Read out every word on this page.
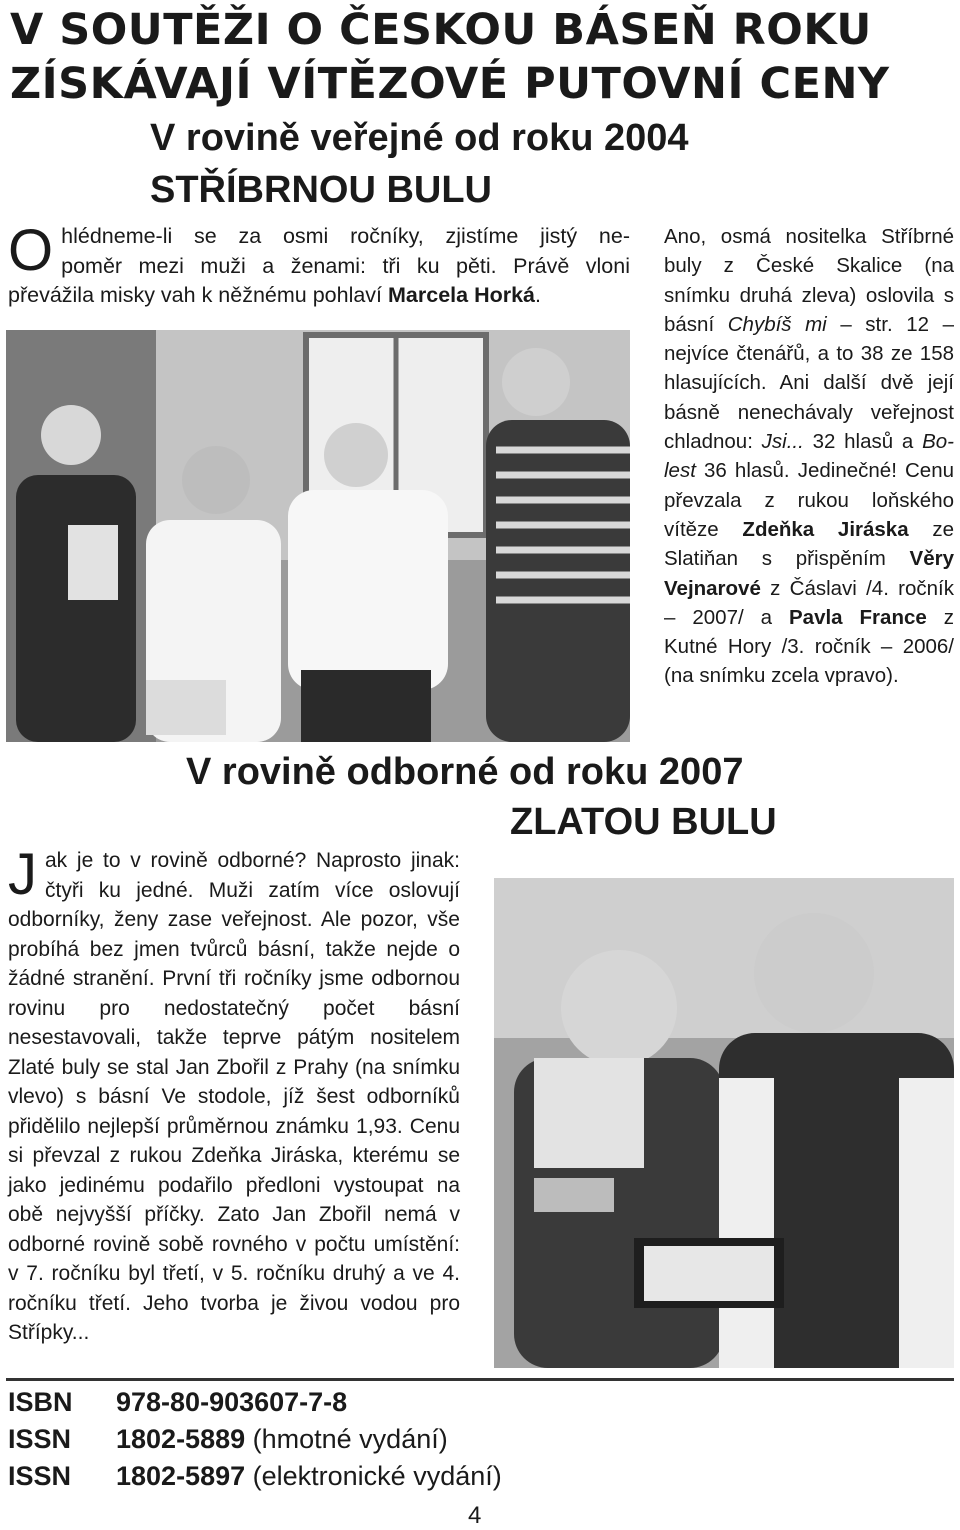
V SOUTĚŽI O ČESKOU BÁSEŇ ROKU
ZÍSKÁVAJÍ VÍTĚZOVÉ PUTOVNÍ CENY
V rovině veřejné od roku 2004
STŘÍBRNOU BULU
O hlédneme-li se za osmi ročníky, zjistíme jistý ne-
poměr mezi muži a ženami: tři ku pěti. Právě vloni
převážila misky vah k něžnému pohlaví Marcela Horká.
Ano, osmá nositelka Stříbrné buly z České Skalice (na snímku druhá zleva) oslovila s básní Chybíš mi – str. 12 – nejvíce čtenářů, a to 38 ze 158 hlasujících. Ani další dvě její básně nenechávaly veřejnost chladnou: Jsi... 32 hlasů a Bolest 36 hlasů. Jedinečné! Cenu převzala z rukou loňského vítěze Zdeňka Jiráska ze Slatiňan s přispěním Věry Vejnarové z Čáslavi /4. ročník – 2007/ a Pavla France z Kutné Hory /3. ročník – 2006/ (na snímku zcela vpravo).
V rovině odborné od roku 2007
ZLATOU BULU
Jak je to v rovině odborné? Naprosto jinak: čtyři ku jedné. Muži zatím více oslovují odborníky, ženy zase veřejnost. Ale pozor, vše probíhá bez jmen tvůrců básní, takže nejde o žádné stranění. První tři ročníky jsme odbornou rovinu pro nedostatečný počet básní nesestavovali, takže teprve pátým nositelem Zlaté buly se stal Jan Zbořil z Prahy (na snímku vlevo) s básní Ve stodole, jíž šest odborníků přidělilo nejlepší průměrnou známku 1,93. Cenu si převzal z rukou Zdeňka Jiráska, kterému se jako jedinému podařilo předloni vystoupat na obě nejvyšší příčky. Zato Jan Zbořil nemá v odborné rovině sobě rovného v počtu umístění: v 7. ročníku byl třetí, v 5. ročníku druhý a ve 4. ročníku třetí. Jeho tvorba je živou vodou pro Střípky...
ISBN 978-80-903607-7-8
ISSN 1802-5889 (hmotné vydání)
ISSN 1802-5897 (elektronické vydání)
4
